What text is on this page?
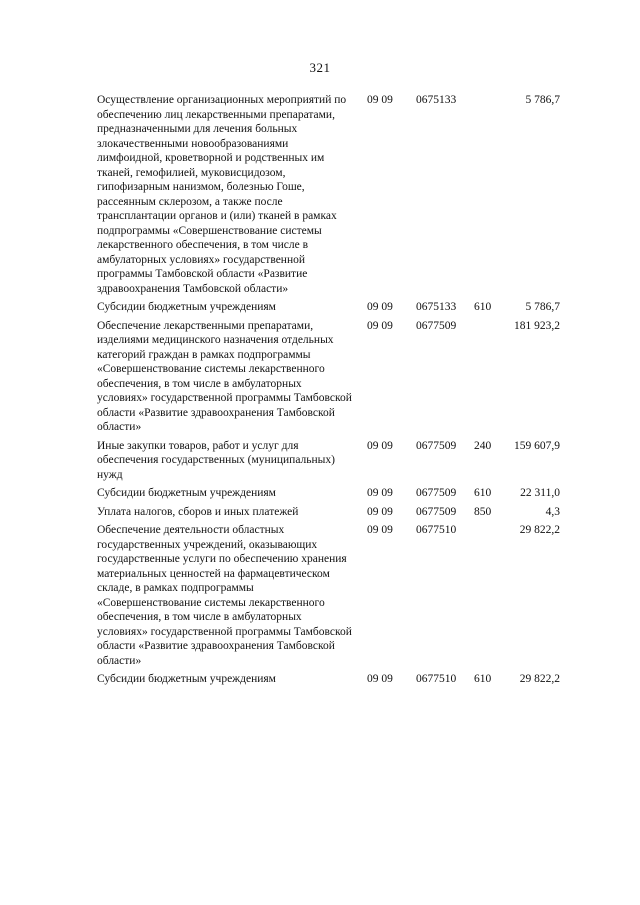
321
Осуществление организационных мероприятий по обеспечению лиц лекарственными препаратами, предназначенными для лечения больных злокачественными новообразованиями лимфоидной, кроветворной и родственных им тканей, гемофилией, муковисцидозом, гипофизарным нанизмом, болезнью Гоше, рассеянным склерозом, а также после трансплантации органов и (или) тканей в рамках подпрограммы «Совершенствование системы лекарственного обеспечения, в том числе в амбулаторных условиях» государственной программы Тамбовской области «Развитие здравоохранения Тамбовской области»	09 09	0675133		5 786,7
Субсидии бюджетным учреждениям	09 09	0675133	610	5 786,7
Обеспечение лекарственными препаратами, изделиями медицинского назначения отдельных категорий граждан в рамках подпрограммы «Совершенствование системы лекарственного обеспечения, в том числе в амбулаторных условиях» государственной программы Тамбовской области «Развитие здравоохранения Тамбовской области»	09 09	0677509		181 923,2
Иные закупки товаров, работ и услуг для обеспечения государственных (муниципальных) нужд	09 09	0677509	240	159 607,9
Субсидии бюджетным учреждениям	09 09	0677509	610	22 311,0
Уплата налогов, сборов и иных платежей	09 09	0677509	850	4,3
Обеспечение деятельности областных государственных учреждений, оказывающих государственные услуги по обеспечению хранения материальных ценностей на фармацевтическом складе, в рамках подпрограммы «Совершенствование системы лекарственного обеспечения, в том числе в амбулаторных условиях» государственной программы Тамбовской области «Развитие здравоохранения Тамбовской области»	09 09	0677510		29 822,2
Субсидии бюджетным учреждениям	09 09	0677510	610	29 822,2
